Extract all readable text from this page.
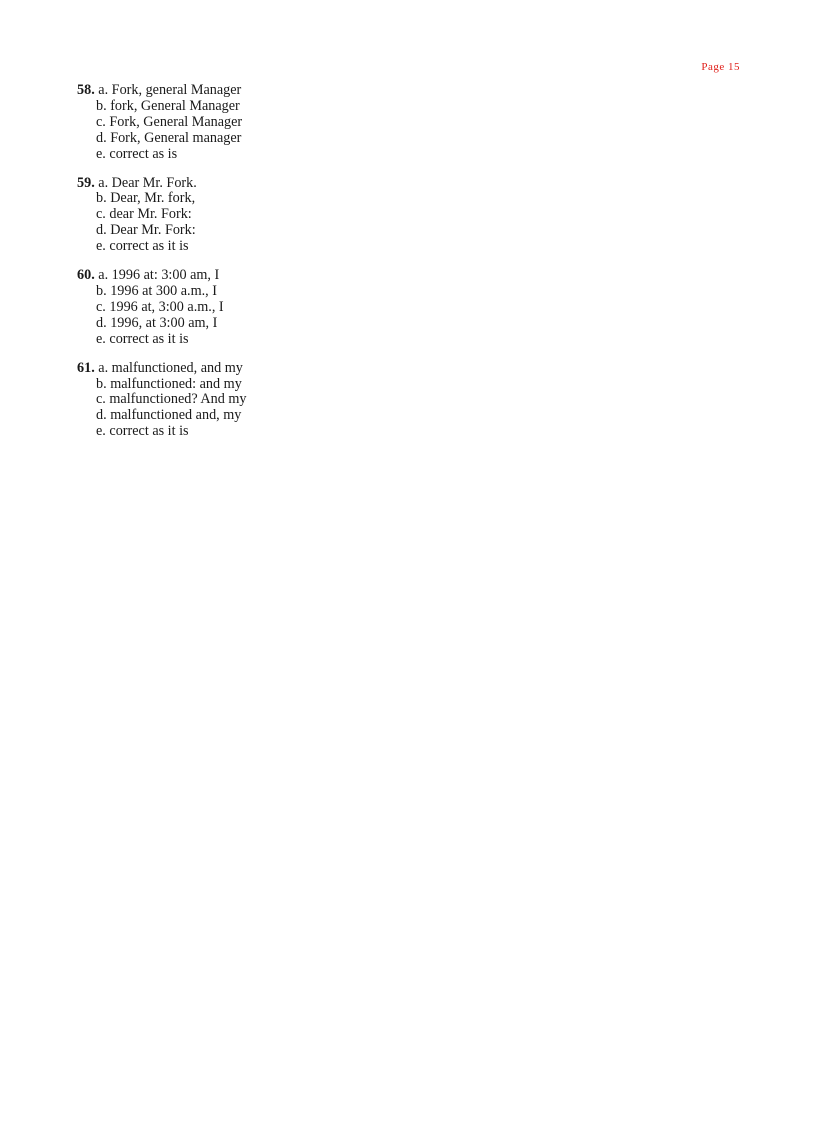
Page 15
58. a. Fork, general Manager
b. fork, General Manager
c. Fork, General Manager
d. Fork, General manager
e. correct as is
59. a. Dear Mr. Fork.
b. Dear, Mr. fork,
c. dear Mr. Fork:
d. Dear Mr. Fork:
e. correct as it is
60. a. 1996 at: 3:00 am, I
b. 1996 at 300 a.m., I
c. 1996 at, 3:00 a.m., I
d. 1996, at 3:00 am, I
e. correct as it is
61. a. malfunctioned, and my
b. malfunctioned: and my
c. malfunctioned? And my
d. malfunctioned and, my
e. correct as it is
